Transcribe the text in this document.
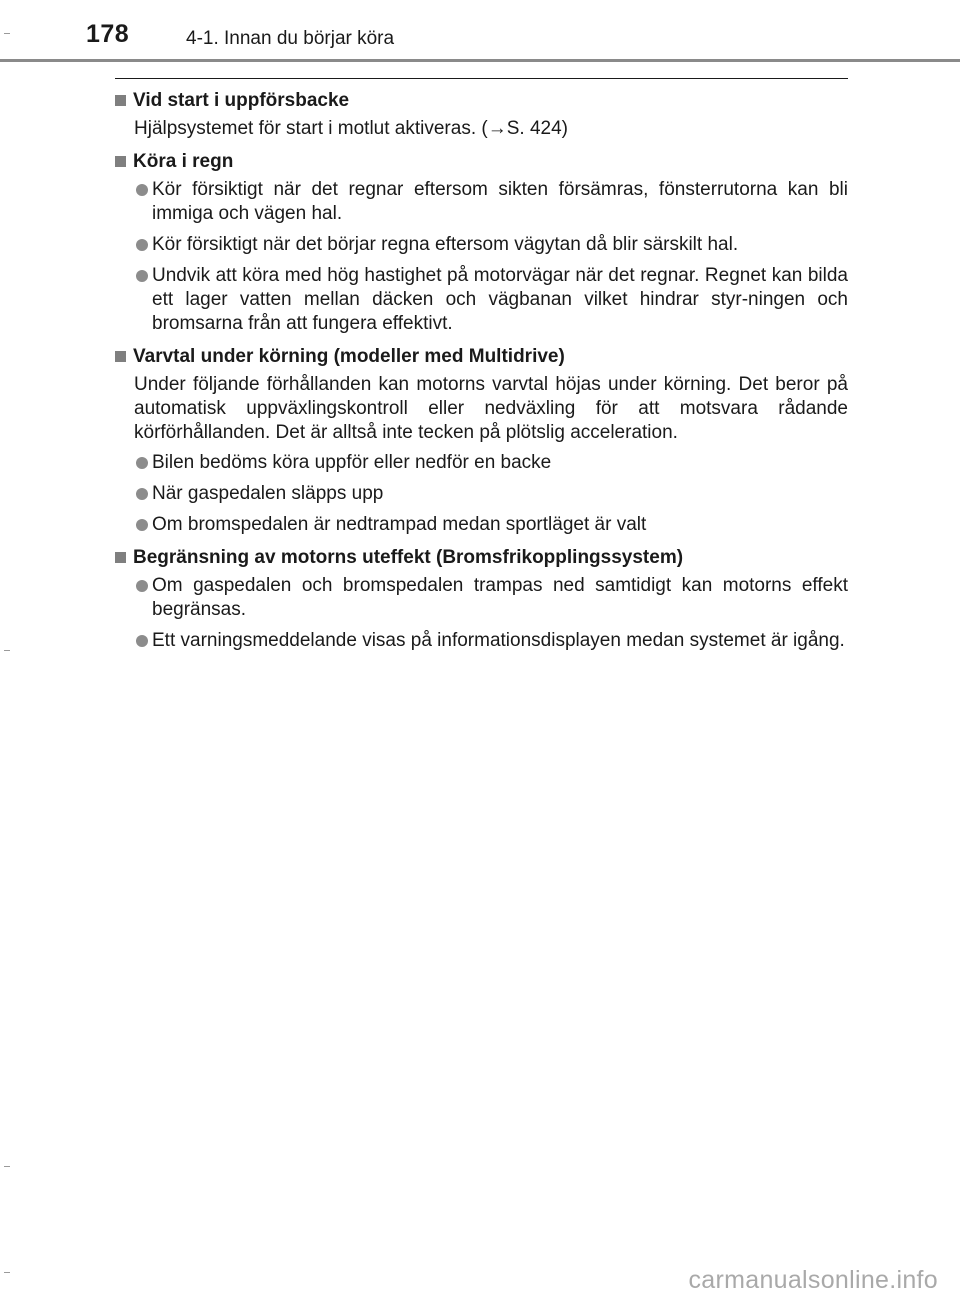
178	4-1. Innan du börjar köra
Vid start i uppförsbacke
Hjälpsystemet för start i motlut aktiveras. (→S. 424)
Köra i regn
Kör försiktigt när det regnar eftersom sikten försämras, fönsterrutorna kan bli immiga och vägen hal.
Kör försiktigt när det börjar regna eftersom vägytan då blir särskilt hal.
Undvik att köra med hög hastighet på motorvägar när det regnar. Regnet kan bilda ett lager vatten mellan däcken och vägbanan vilket hindrar styr-ningen och bromsarna från att fungera effektivt.
Varvtal under körning (modeller med Multidrive)
Under följande förhållanden kan motorns varvtal höjas under körning. Det beror på automatisk uppväxlingskontroll eller nedväxling för att motsvara rådande körförhållanden. Det är alltså inte tecken på plötslig acceleration.
Bilen bedöms köra uppför eller nedför en backe
När gaspedalen släpps upp
Om bromspedalen är nedtrampad medan sportläget är valt
Begränsning av motorns uteffekt (Bromsfrikopplingssystem)
Om gaspedalen och bromspedalen trampas ned samtidigt kan motorns effekt begränsas.
Ett varningsmeddelande visas på informationsdisplayen medan systemet är igång.
carmanualsonline.info
